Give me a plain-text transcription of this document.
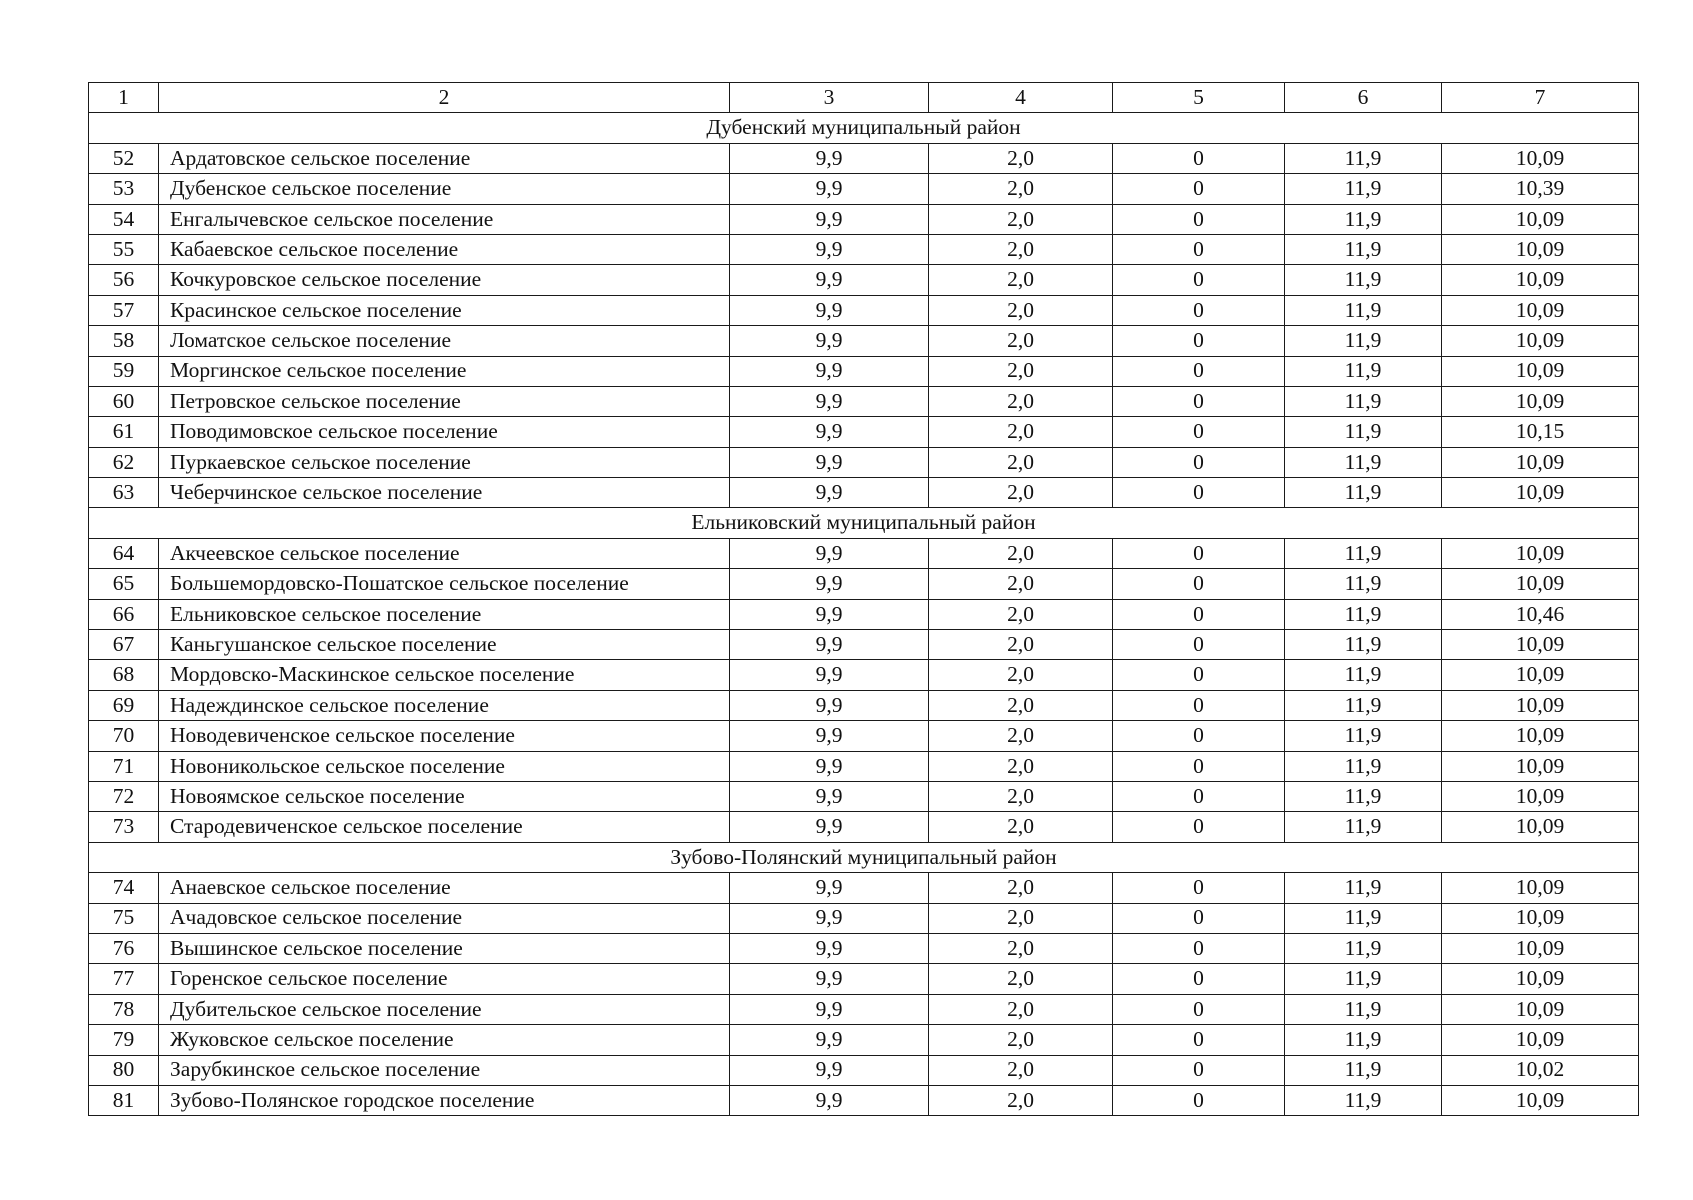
1	2	3	4	5	6	7
Дубенский муниципальный район						
52	Ардатовское сельское поселение	9,9	2,0	0	11,9	10,09
53	Дубенское сельское поселение	9,9	2,0	0	11,9	10,39
54	Енгалычевское сельское поселение	9,9	2,0	0	11,9	10,09
55	Кабаевское сельское поселение	9,9	2,0	0	11,9	10,09
56	Кочкуровское сельское поселение	9,9	2,0	0	11,9	10,09
57	Красинское сельское поселение	9,9	2,0	0	11,9	10,09
58	Ломатское сельское поселение	9,9	2,0	0	11,9	10,09
59	Моргинское сельское поселение	9,9	2,0	0	11,9	10,09
60	Петровское сельское поселение	9,9	2,0	0	11,9	10,09
61	Поводимовское сельское поселение	9,9	2,0	0	11,9	10,15
62	Пуркаевское сельское поселение	9,9	2,0	0	11,9	10,09
63	Чеберчинское сельское поселение	9,9	2,0	0	11,9	10,09
Ельниковский муниципальный район						
64	Акчеевское сельское поселение	9,9	2,0	0	11,9	10,09
65	Большемордовско-Пошатское сельское поселение	9,9	2,0	0	11,9	10,09
66	Ельниковское сельское поселение	9,9	2,0	0	11,9	10,46
67	Каньгушанское сельское поселение	9,9	2,0	0	11,9	10,09
68	Мордовско-Маскинское сельское поселение	9,9	2,0	0	11,9	10,09
69	Надеждинское сельское поселение	9,9	2,0	0	11,9	10,09
70	Новодевиченское сельское поселение	9,9	2,0	0	11,9	10,09
71	Новоникольское сельское поселение	9,9	2,0	0	11,9	10,09
72	Новоямское сельское поселение	9,9	2,0	0	11,9	10,09
73	Стародевиченское сельское поселение	9,9	2,0	0	11,9	10,09
Зубово-Полянский муниципальный район						
74	Анаевское сельское поселение	9,9	2,0	0	11,9	10,09
75	Ачадовское сельское поселение	9,9	2,0	0	11,9	10,09
76	Вышинское сельское поселение	9,9	2,0	0	11,9	10,09
77	Горенское сельское поселение	9,9	2,0	0	11,9	10,09
78	Дубительское сельское поселение	9,9	2,0	0	11,9	10,09
79	Жуковское сельское поселение	9,9	2,0	0	11,9	10,09
80	Зарубкинское сельское поселение	9,9	2,0	0	11,9	10,02
81	Зубово-Полянское городское поселение	9,9	2,0	0	11,9	10,09
